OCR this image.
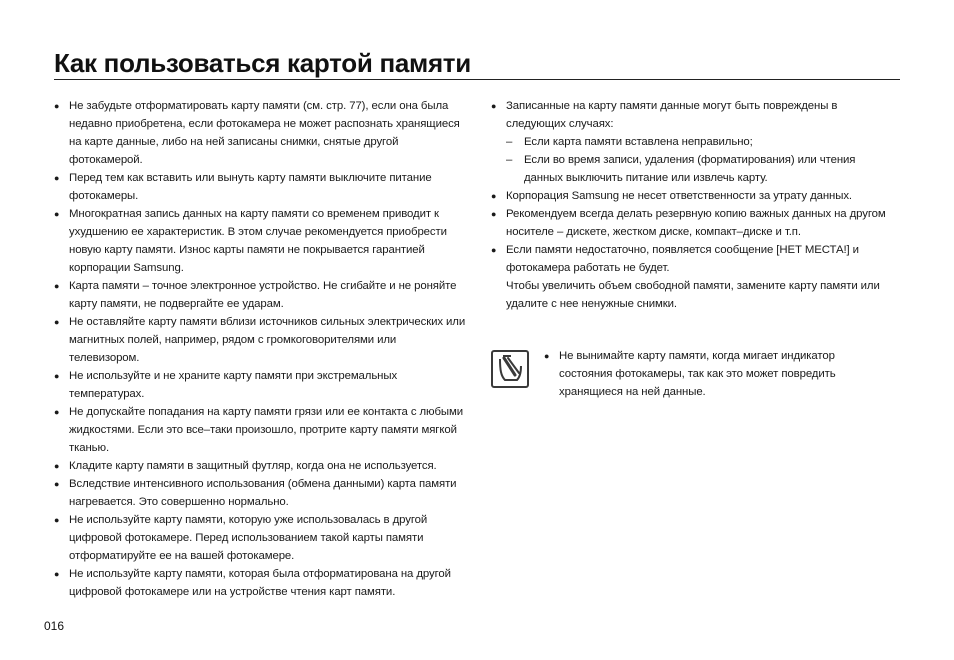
Как пользоваться картой памяти
● Не забудьте отформатировать карту памяти (см. стр. 77), если она была недавно приобретена, если фотокамера не может распознать хранящиеся на карте данные, либо на ней записаны снимки, снятые другой фотокамерой.
● Перед тем как вставить или вынуть карту памяти выключите питание фотокамеры.
● Многократная запись данных на карту памяти со временем приводит к ухудшению ее характеристик. В этом случае рекомендуется приобрести новую карту памяти. Износ карты памяти не покрывается гарантией корпорации Samsung.
● Карта памяти – точное электронное устройство. Не сгибайте и не роняйте карту памяти, не подвергайте ее ударам.
● Не оставляйте карту памяти вблизи источников сильных электрических или магнитных полей, например, рядом с громкоговорителями или телевизором.
● Не используйте и не храните карту памяти при экстремальных температурах.
● Не допускайте попадания на карту памяти грязи или ее контакта с любыми жидкостями. Если это все–таки произошло, протрите карту памяти мягкой тканью.
● Кладите карту памяти в защитный футляр, когда она не используется.
● Вследствие интенсивного использования (обмена данными) карта памяти нагревается. Это совершенно нормально.
● Не используйте карту памяти, которую уже использовалась в другой цифровой фотокамере. Перед использованием такой карты памяти отформатируйте ее на вашей фотокамере.
● Не используйте карту памяти, которая была отформатирована на другой цифровой фотокамере или на устройстве чтения карт памяти.
● Записанные на карту памяти данные могут быть повреждены в следующих случаях:
– Если карта памяти вставлена неправильно;
– Если во время записи, удаления (форматирования) или чтения данных выключить питание или извлечь карту.
● Корпорация Samsung не несет ответственности за утрату данных.
● Рекомендуем всегда делать резервную копию важных данных на другом носителе – дискете, жестком диске, компакт–диске и т.п.
● Если памяти недостаточно, появляется сообщение [НЕТ МЕСТА!] и фотокамера работать не будет.
Чтобы увеличить объем свободной памяти, замените карту памяти или удалите с нее ненужные снимки.
● Не вынимайте карту памяти, когда мигает индикатор состояния фотокамеры, так как это может повредить хранящиеся на ней данные.
016
